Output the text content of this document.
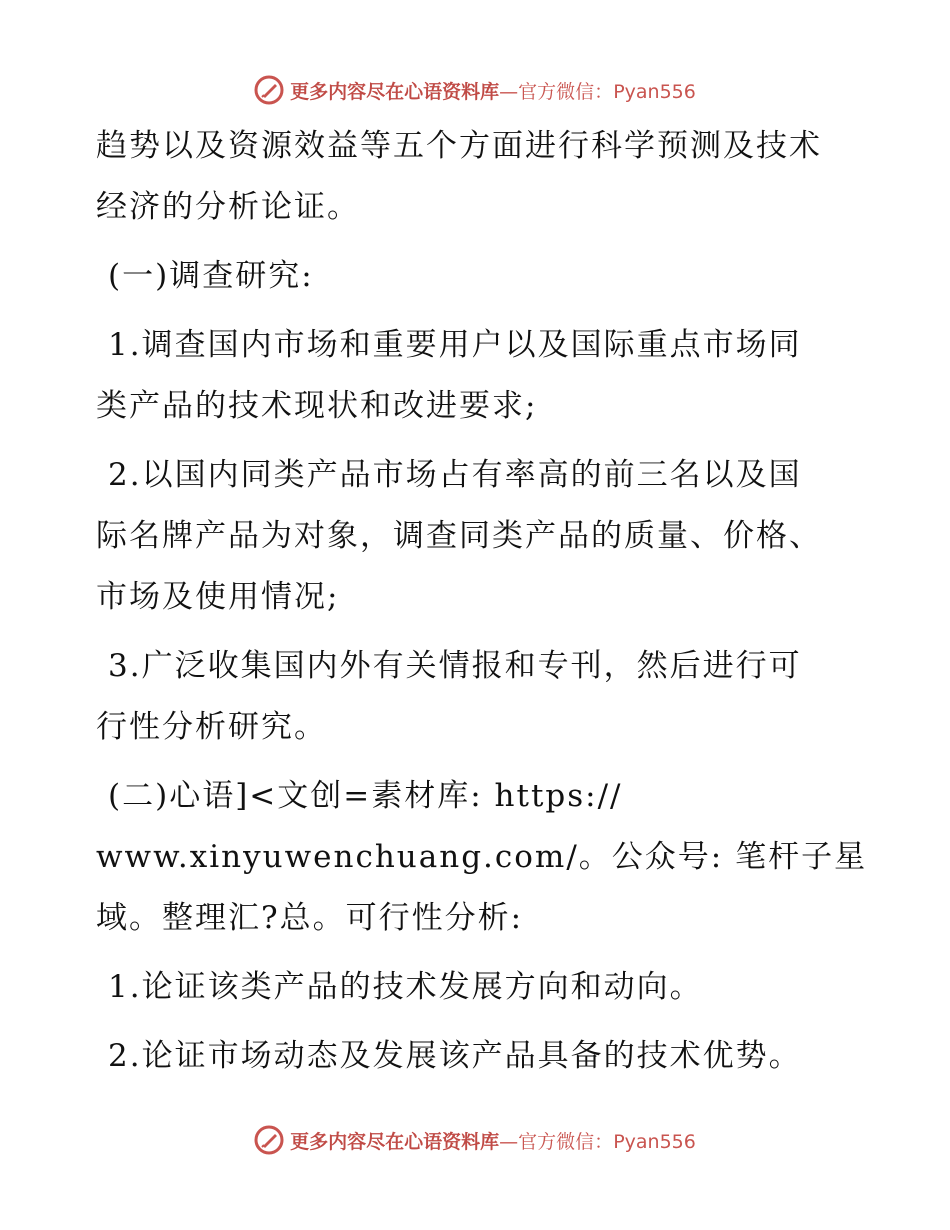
更多内容尽在心语资料库—官方微信：Pyan556

趋势以及资源效益等五个方面进行科学预测及技术
经济的分析论证。

(一)调查研究:

1.调查国内市场和重要用户以及国际重点市场同
类产品的技术现状和改进要求;

2.以国内同类产品市场占有率高的前三名以及国
际名牌产品为对象，调查同类产品的质量、价格、
市场及使用情况;

3.广泛收集国内外有关情报和专刊，然后进行可
行性分析研究。

(二)心语]<文创=素材库: https://
www.xinyuwenchuang.com/。公众号: 笔杆子星
域。整理汇?总。可行性分析:

1.论证该类产品的技术发展方向和动向。

2.论证市场动态及发展该产品具备的技术优势。

更多内容尽在心语资料库—官方微信：Pyan556
